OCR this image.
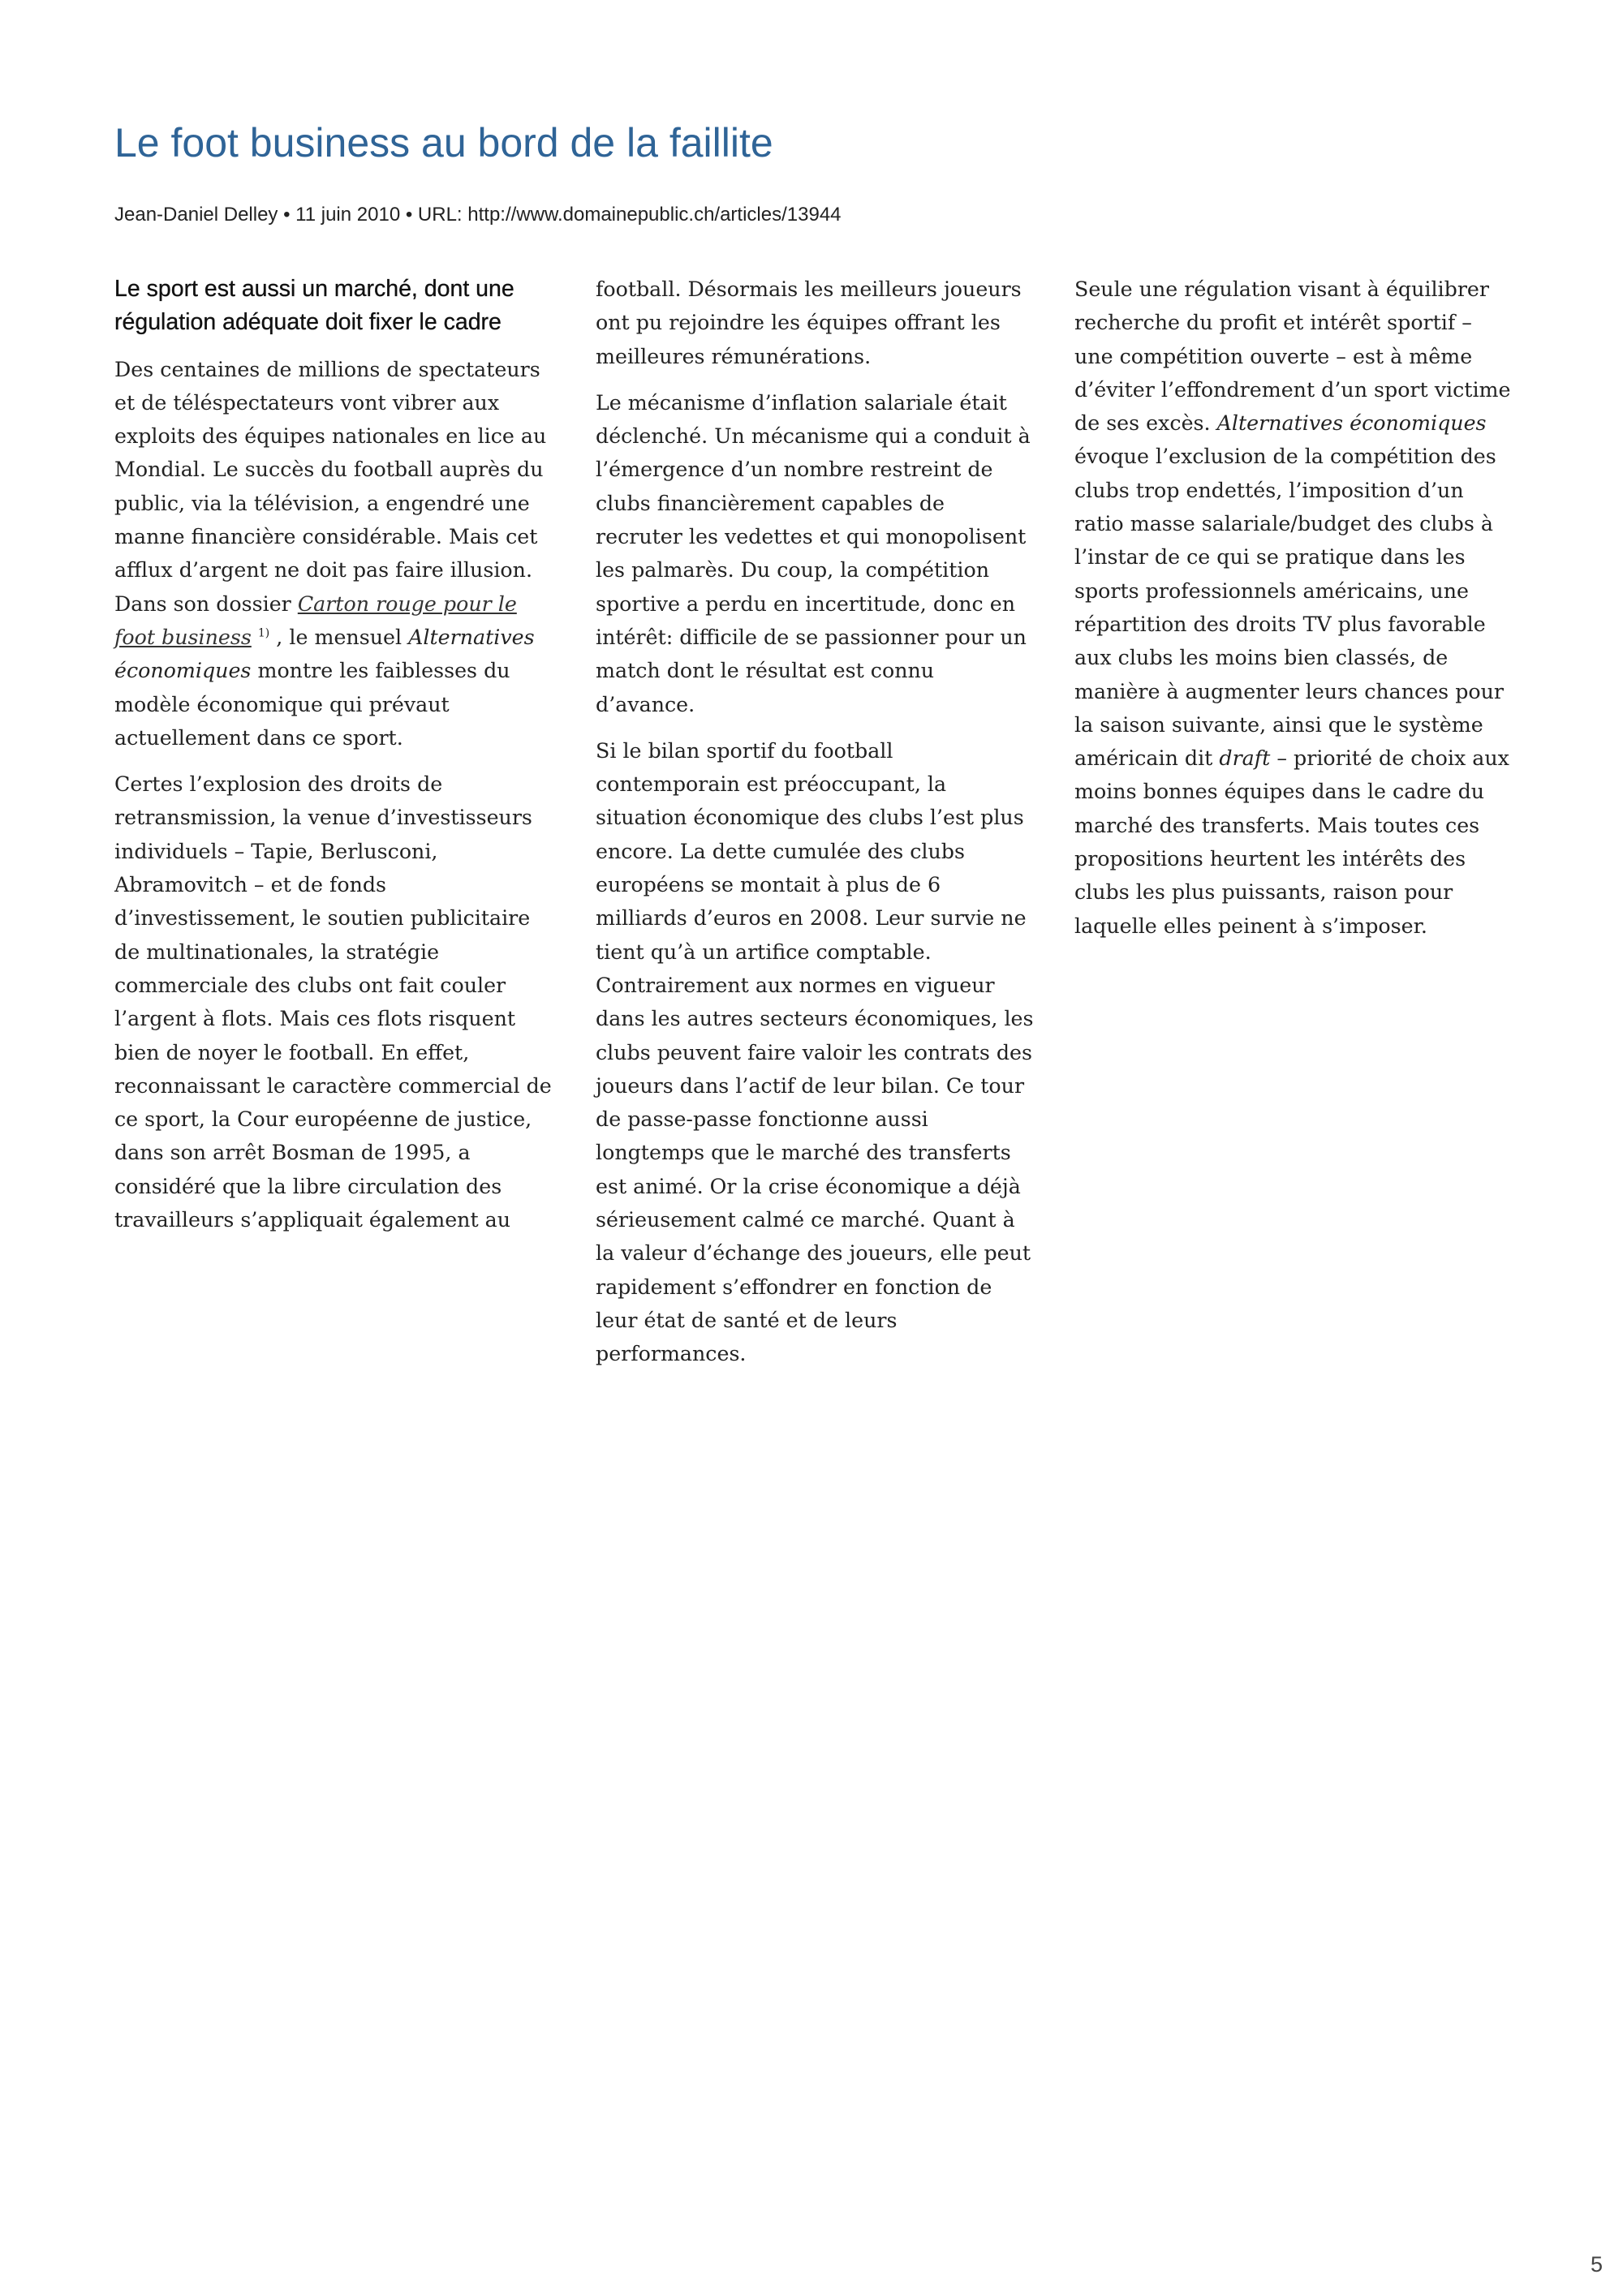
Le foot business au bord de la faillite
Jean-Daniel Delley • 11 juin 2010 • URL: http://www.domainepublic.ch/articles/13944

Le sport est aussi un marché, dont une régulation adéquate doit fixer le cadre

Des centaines de millions de spectateurs et de téléspectateurs vont vibrer aux exploits des équipes nationales en lice au Mondial. Le succès du football auprès du public, via la télévision, a engendré une manne financière considérable. Mais cet afflux d’argent ne doit pas faire illusion. Dans son dossier Carton rouge pour le foot business $^{1)}$ , le mensuel Alternatives économiques montre les faiblesses du modèle économique qui prévaut actuellement dans ce sport.

Certes l’explosion des droits de retransmission, la venue d’investisseurs individuels – Tapie, Berlusconi, Abramovitch – et de fonds d’investissement, le soutien publicitaire de multinationales, la stratégie commerciale des clubs ont fait couler l’argent à flots. Mais ces flots risquent bien de noyer le football. En effet, reconnaissant le caractère commercial de ce sport, la Cour européenne de justice, dans son arrêt Bosman de 1995, a considéré que la libre circulation des travailleurs s’appliquait également au

football. Désormais les meilleurs joueurs ont pu rejoindre les équipes offrant les meilleures rémunérations.

Le mécanisme d’inflation salariale était déclenché. Un mécanisme qui a conduit à l’émergence d’un nombre restreint de clubs financièrement capables de recruter les vedettes et qui monopolisent les palmarès. Du coup, la compétition sportive a perdu en incertitude, donc en intérêt: difficile de se passionner pour un match dont le résultat est connu d’avance.

Si le bilan sportif du football contemporain est préoccupant, la situation économique des clubs l’est plus encore. La dette cumulée des clubs européens se montait à plus de 6 milliards d’euros en 2008. Leur survie ne tient qu’à un artifice comptable. Contrairement aux normes en vigueur dans les autres secteurs économiques, les clubs peuvent faire valoir les contrats des joueurs dans l’actif de leur bilan. Ce tour de passe-passe fonctionne aussi longtemps que le marché des transferts est animé. Or la crise économique a déjà sérieusement calmé ce marché. Quant à la valeur d’échange des joueurs, elle peut rapidement s’effondrer en fonction de leur état de santé et de leurs performances.

Seule une régulation visant à équilibrer recherche du profit et intérêt sportif – une compétition ouverte – est à même d’éviter l’effondrement d’un sport victime de ses excès. Alternatives économiques évoque l’exclusion de la compétition des clubs trop endettés, l’imposition d’un ratio masse salariale/budget des clubs à l’instar de ce qui se pratique dans les sports professionnels américains, une répartition des droits TV plus favorable aux clubs les moins bien classés, de manière à augmenter leurs chances pour la saison suivante, ainsi que le système américain dit draft – priorité de choix aux moins bonnes équipes dans le cadre du marché des transferts. Mais toutes ces propositions heurtent les intérêts des clubs les plus puissants, raison pour laquelle elles peinent à s’imposer.

5
